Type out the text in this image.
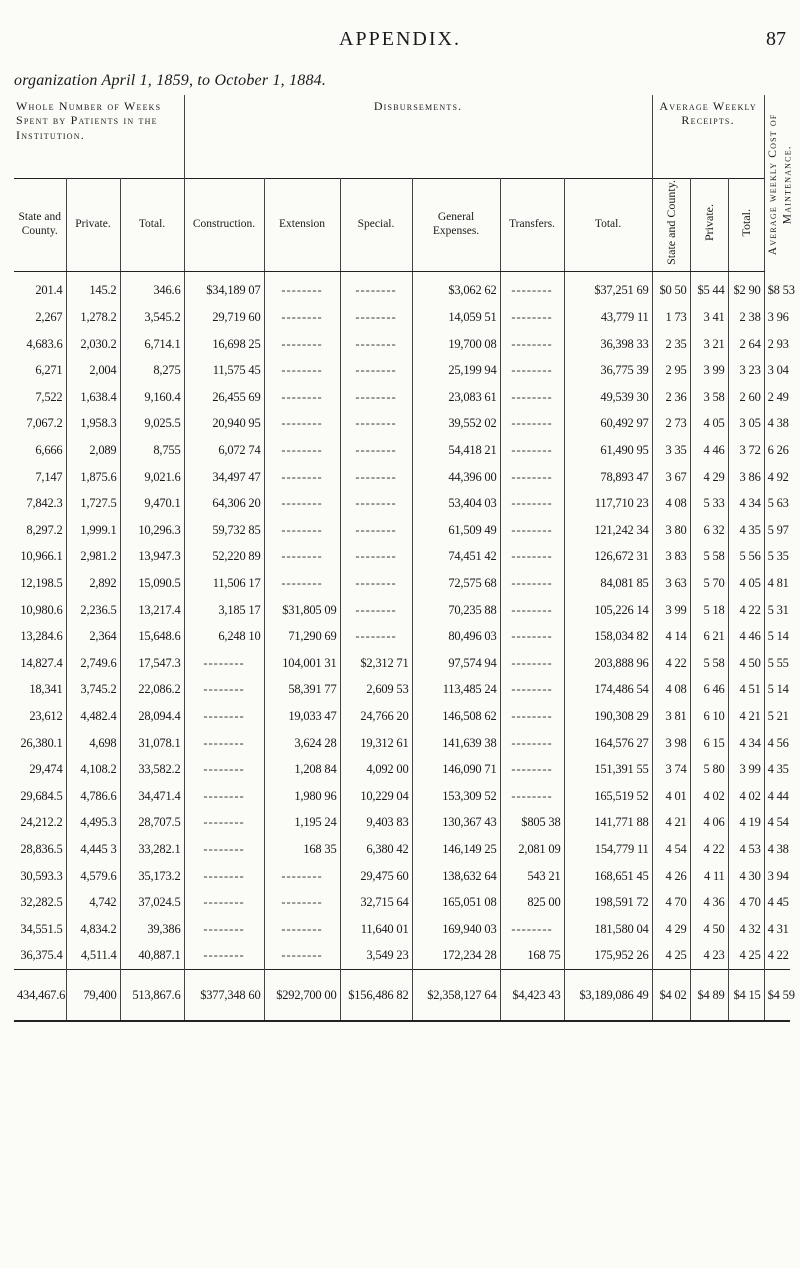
APPENDIX.	87
organization April 1, 1859, to October 1, 1884.
Whole Number of Weeks Spent by Patients in the Institution.			Disbursements.						Average Weekly Receipts.			Average weekly Cost of Maintenance.
State and County.	Private.	Total.	Construction.	Extension	Special.	General Expenses.	Transfers.	Total.	State and County.	Private.	Total.	
201.4	145.2	346.6	$34,189 07	--------	--------	$3,062 62	--------	$37,251 69	$0 50	$5 44	$2 90	$8 53
2,267	1,278.2	3,545.2	29,719 60	--------	--------	14,059 51	--------	43,779 11	1 73	3 41	2 38	3 96
4,683.6	2,030.2	6,714.1	16,698 25	--------	--------	19,700 08	--------	36,398 33	2 35	3 21	2 64	2 93
6,271	2,004	8,275	11,575 45	--------	--------	25,199 94	--------	36,775 39	2 95	3 99	3 23	3 04
7,522	1,638.4	9,160.4	26,455 69	--------	--------	23,083 61	--------	49,539 30	2 36	3 58	2 60	2 49
7,067.2	1,958.3	9,025.5	20,940 95	--------	--------	39,552 02	--------	60,492 97	2 73	4 05	3 05	4 38
6,666	2,089	8,755	6,072 74	--------	--------	54,418 21	--------	61,490 95	3 35	4 46	3 72	6 26
7,147	1,875.6	9,021.6	34,497 47	--------	--------	44,396 00	--------	78,893 47	3 67	4 29	3 86	4 92
7,842.3	1,727.5	9,470.1	64,306 20	--------	--------	53,404 03	--------	117,710 23	4 08	5 33	4 34	5 63
8,297.2	1,999.1	10,296.3	59,732 85	--------	--------	61,509 49	--------	121,242 34	3 80	6 32	4 35	5 97
10,966.1	2,981.2	13,947.3	52,220 89	--------	--------	74,451 42	--------	126,672 31	3 83	5 58	5 56	5 35
12,198.5	2,892	15,090.5	11,506 17	--------	--------	72,575 68	--------	84,081 85	3 63	5 70	4 05	4 81
10,980.6	2,236.5	13,217.4	3,185 17	$31,805 09	--------	70,235 88	--------	105,226 14	3 99	5 18	4 22	5 31
13,284.6	2,364	15,648.6	6,248 10	71,290 69	--------	80,496 03	--------	158,034 82	4 14	6 21	4 46	5 14
14,827.4	2,749.6	17,547.3	--------	104,001 31	$2,312 71	97,574 94	--------	203,888 96	4 22	5 58	4 50	5 55
18,341	3,745.2	22,086.2	--------	58,391 77	2,609 53	113,485 24	--------	174,486 54	4 08	6 46	4 51	5 14
23,612	4,482.4	28,094.4	--------	19,033 47	24,766 20	146,508 62	--------	190,308 29	3 81	6 10	4 21	5 21
26,380.1	4,698	31,078.1	--------	3,624 28	19,312 61	141,639 38	--------	164,576 27	3 98	6 15	4 34	4 56
29,474	4,108.2	33,582.2	--------	1,208 84	4,092 00	146,090 71	--------	151,391 55	3 74	5 80	3 99	4 35
29,684.5	4,786.6	34,471.4	--------	1,980 96	10,229 04	153,309 52	--------	165,519 52	4 01	4 02	4 02	4 44
24,212.2	4,495.3	28,707.5	--------	1,195 24	9,403 83	130,367 43	$805 38	141,771 88	4 21	4 06	4 19	4 54
28,836.5	4,445 3	33,282.1	--------	168 35	6,380 42	146,149 25	2,081 09	154,779 11	4 54	4 22	4 53	4 38
30,593.3	4,579.6	35,173.2	--------	--------	29,475 60	138,632 64	543 21	168,651 45	4 26	4 11	4 30	3 94
32,282.5	4,742	37,024.5	--------	--------	32,715 64	165,051 08	825 00	198,591 72	4 70	4 36	4 70	4 45
34,551.5	4,834.2	39,386	--------	--------	11,640 01	169,940 03	--------	181,580 04	4 29	4 50	4 32	4 31
36,375.4	4,511.4	40,887.1	--------	--------	3,549 23	172,234 28	168 75	175,952 26	4 25	4 23	4 25	4 22
434,467.6	79,400	513,867.6	$377,348 60	$292,700 00	$156,486 82	$2,358,127 64	$4,423 43	$3,189,086 49	$4 02	$4 89	$4 15	$4 59
